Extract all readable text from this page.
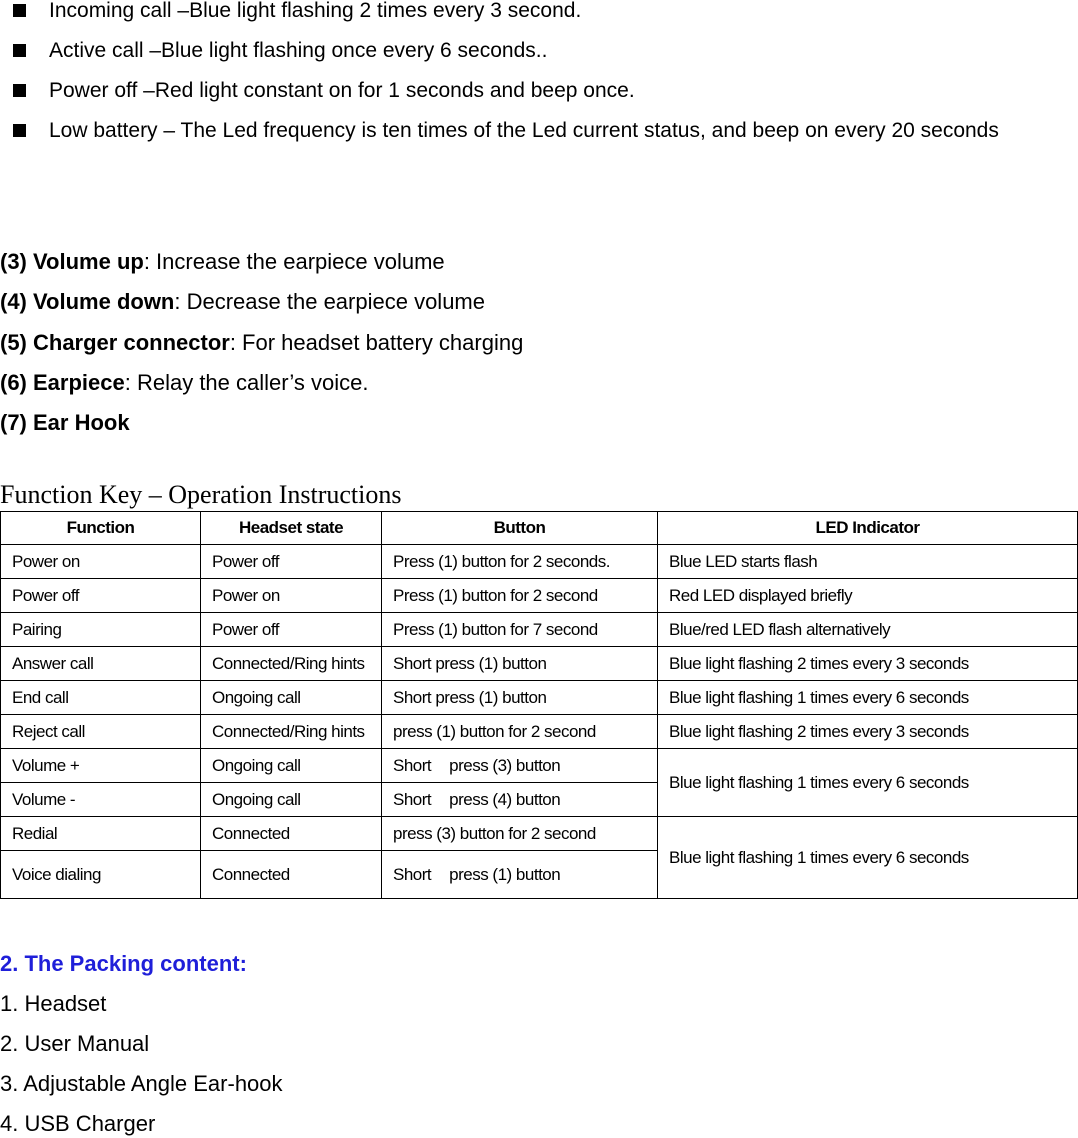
Incoming call –Blue light flashing 2 times every 3 second.
Active call –Blue light flashing once every 6 seconds..
Power off –Red light constant on for 1 seconds and beep once.
Low battery – The Led frequency is ten times of the Led current status, and beep on every 20 seconds
(3) Volume up: Increase the earpiece volume
(4) Volume down: Decrease the earpiece volume
(5) Charger connector: For headset battery charging
(6) Earpiece: Relay the caller’s voice.
(7) Ear Hook
Function Key – Operation Instructions
Function	Headset state	Button	LED Indicator
Power on	Power off	Press (1) button for 2 seconds.	Blue LED starts flash
Power off	Power on	Press (1) button for 2 second	Red LED displayed briefly
Pairing	Power off	Press (1) button for 7 second	Blue/red LED flash alternatively
Answer call	Connected/Ring hints	Short press (1) button	Blue light flashing 2 times every 3 seconds
End call	Ongoing call	Short press (1) button	Blue light flashing 1 times every 6 seconds
Reject call	Connected/Ring hints	press (1) button for 2 second	Blue light flashing 2 times every 3 seconds
Volume +	Ongoing call	Short press (3) button	Blue light flashing 1 times every 6 seconds
Volume -	Ongoing call	Short press (4) button	
Redial	Connected	press (3) button for 2 second	Blue light flashing 1 times every 6 seconds
Voice dialing	Connected	Short press (1) button	
2. The Packing content:
1. Headset
2. User Manual
3. Adjustable Angle Ear-hook
4. USB Charger
